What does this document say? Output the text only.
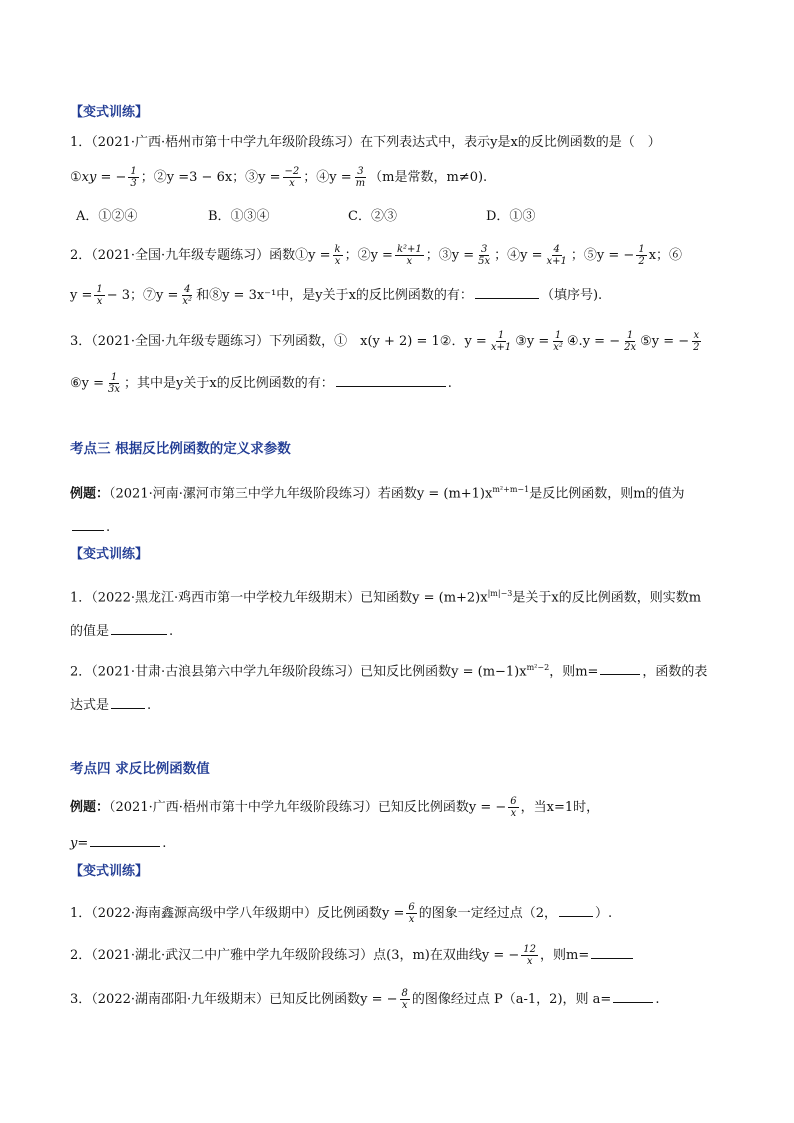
【变式训练】
1．（2021·广西·梧州市第十中学九年级阶段练习）在下列表达式中，表示y是x的反比例函数的是（　）
①xy = − $\frac{1}{3}$ ；②y =3 − 6x；③y = $\frac{-2}{x}$ ；④y = $\frac{3}{m} (m$是常数，m≠0).
A．①②④	B．①③④	C．②③	D．①③
2．（2021·全国·九年级专题练习）函数①y = $\frac{k}{x}$ ；②y = $\frac{\text{k²+1}}{x}$ ；③y = $\frac{3}{5x}$ ；④y = $\frac{4}{x+1}$ ；⑤y = − $\frac{1}{2}$ x；⑥
$y = \frac{1}{x} - 3$；⑦y = $\frac{4}{\text{x²}}$ 和⑧y = 3x⁻¹中，是y关于x的反比例函数的有：	（填序号).
3．（2021·全国·九年级专题练习）下列函数，①　x(y + 2) = 1②．$y = \frac{1}{x+1}$ ③y = $\frac{1}{\text{x²}}$ ④.y = − $\frac{1}{2x}$ ⑤y = − $\frac{x}{2}$
⑥y = $\frac{1}{3x}$ ；其中是y关于x的反比例函数的有：	.
考点三 根据反比例函数的定义求参数
例题：（2021·河南·漯河市第三中学九年级阶段练习）若函数$y = (m+1)x^{m^2+m-1}$是反比例函数，则m的值为
.
【变式训练】
1．（2022·黑龙江·鸡西市第一中学校九年级期末）已知函数$y = (m+2)x^{|m|-3}$是关于x的反比例函数，则实数m
的值是	.
2．（2021·甘肃·古浪县第六中学九年级阶段练习）已知反比例函数$y = (m-1)x^{m^2-2}$，则m=	，函数的表
达式是	.
考点四 求反比例函数值
例题：（2021·广西·梧州市第十中学九年级阶段练习）已知反比例函数y = − $\frac{6}{x}$ ，当x=1时，
y=	.
【变式训练】
1．（2022·海南鑫源高级中学八年级期中）反比例函数$y = \frac{6}{x}$ 的图象一定经过点（2，	）.
2．（2021·湖北·武汉二中广雅中学九年级阶段练习）点(3，m)在双曲线y = − $\frac{12}{x}$ ，则m=
3．（2022·湖南邵阳·九年级期末）已知反比例函数y = − $\frac{8}{x}$ 的图像经过点 P（a-1，2)，则 a=	.
